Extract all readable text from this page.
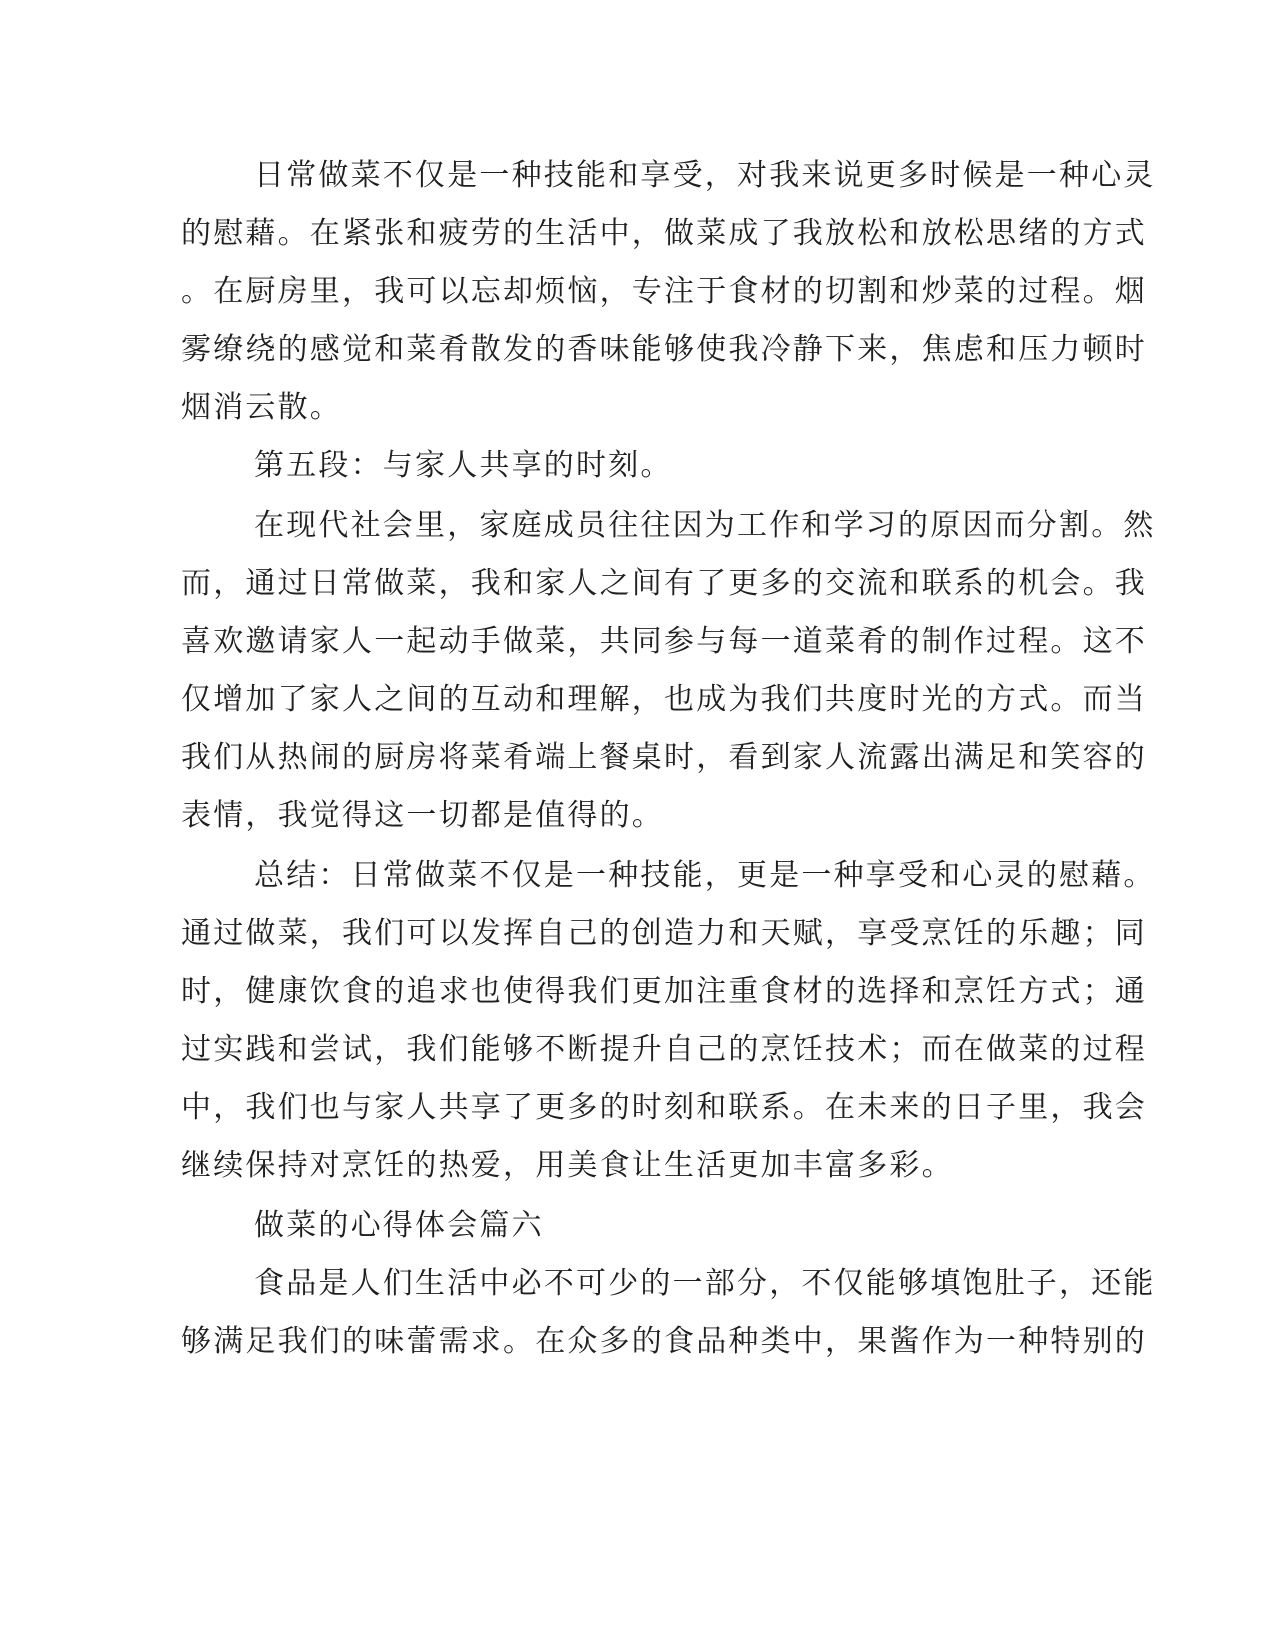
日常做菜不仅是一种技能和享受，对我来说更多时候是一种心灵
的慰藉。在紧张和疲劳的生活中，做菜成了我放松和放松思绪的方式
。在厨房里，我可以忘却烦恼，专注于食材的切割和炒菜的过程。烟
雾缭绕的感觉和菜肴散发的香味能够使我冷静下来，焦虑和压力顿时
烟消云散。
第五段：与家人共享的时刻。
在现代社会里，家庭成员往往因为工作和学习的原因而分割。然
而，通过日常做菜，我和家人之间有了更多的交流和联系的机会。我
喜欢邀请家人一起动手做菜，共同参与每一道菜肴的制作过程。这不
仅增加了家人之间的互动和理解，也成为我们共度时光的方式。而当
我们从热闹的厨房将菜肴端上餐桌时，看到家人流露出满足和笑容的
表情，我觉得这一切都是值得的。
总结：日常做菜不仅是一种技能，更是一种享受和心灵的慰藉。
通过做菜，我们可以发挥自己的创造力和天赋，享受烹饪的乐趣；同
时，健康饮食的追求也使得我们更加注重食材的选择和烹饪方式；通
过实践和尝试，我们能够不断提升自己的烹饪技术；而在做菜的过程
中，我们也与家人共享了更多的时刻和联系。在未来的日子里，我会
继续保持对烹饪的热爱，用美食让生活更加丰富多彩。
做菜的心得体会篇六
食品是人们生活中必不可少的一部分，不仅能够填饱肚子，还能
够满足我们的味蕾需求。在众多的食品种类中，果酱作为一种特别的
